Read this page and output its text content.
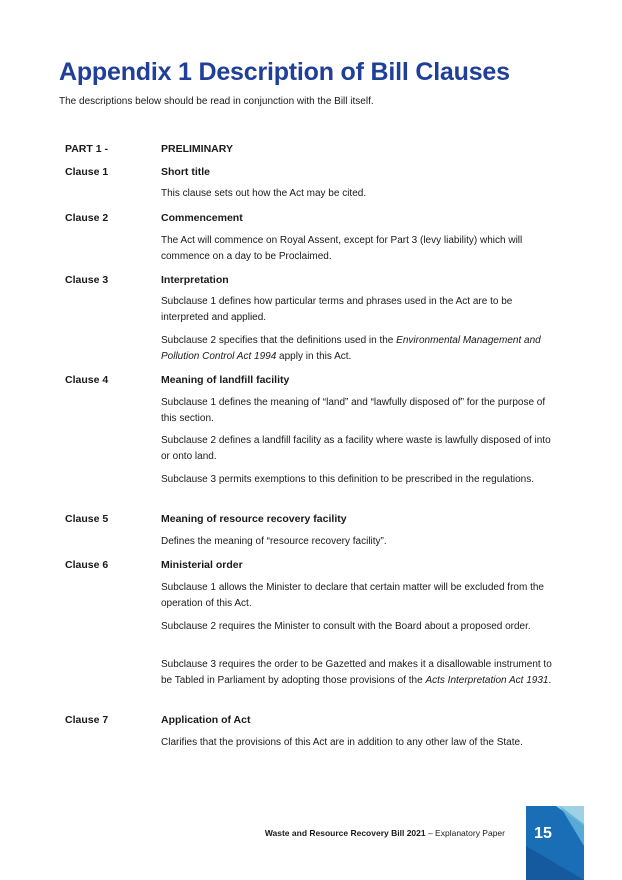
Appendix 1 Description of Bill Clauses

The descriptions below should be read in conjunction with the Bill itself.

PART 1 -	PRELIMINARY
Clause 1	Short title

This clause sets out how the Act may be cited.

Clause 2	Commencement

The Act will commence on Royal Assent, except for Part 3 (levy liability) which will commence on a day to be Proclaimed.

Clause 3	Interpretation

Subclause 1 defines how particular terms and phrases used in the Act are to be interpreted and applied.

Subclause 2 specifies that the definitions used in the Environmental Management and Pollution Control Act 1994 apply in this Act.

Clause 4	Meaning of landfill facility

Subclause 1 defines the meaning of “land” and “lawfully disposed of” for the purpose of this section.

Subclause 2 defines a landfill facility as a facility where waste is lawfully disposed of into or onto land.

Subclause 3 permits exemptions to this definition to be prescribed in the regulations.

Clause 5	Meaning of resource recovery facility

Defines the meaning of “resource recovery facility”.

Clause 6	Ministerial order

Subclause 1 allows the Minister to declare that certain matter will be excluded from the operation of this Act.

Subclause 2 requires the Minister to consult with the Board about a proposed order.

Subclause 3 requires the order to be Gazetted and makes it a disallowable instrument to be Tabled in Parliament by adopting those provisions of the Acts Interpretation Act 1931.

Clause 7	Application of Act

Clarifies that the provisions of this Act are in addition to any other law of the State.

Waste and Resource Recovery Bill 2021 – Explanatory Paper	15
